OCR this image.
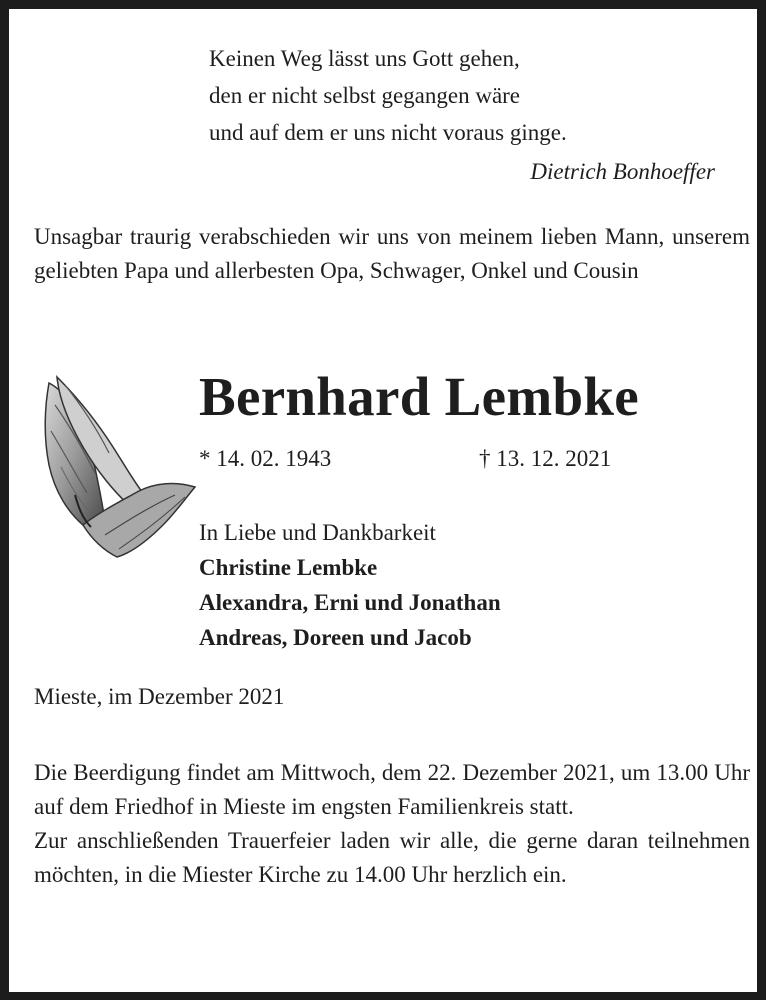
Keinen Weg lässt uns Gott gehen,
den er nicht selbst gegangen wäre
und auf dem er uns nicht voraus ginge.
Dietrich Bonhoeffer

Unsagbar traurig verabschieden wir uns von meinem lieben Mann, unserem geliebten Papa und allerbesten Opa, Schwager, Onkel und Cousin

Bernhard Lembke
* 14. 02. 1943	† 13. 12. 2021
In Liebe und Dankbarkeit
Christine Lembke
Alexandra, Erni und Jonathan
Andreas, Doreen und Jacob
Mieste, im Dezember 2021
Die Beerdigung findet am Mittwoch, dem 22. Dezember 2021, um 13.00 Uhr auf dem Friedhof in Mieste im engsten Familienkreis statt.
Zur anschließenden Trauerfeier laden wir alle, die gerne daran teilnehmen möchten, in die Miester Kirche zu 14.00 Uhr herzlich ein.
